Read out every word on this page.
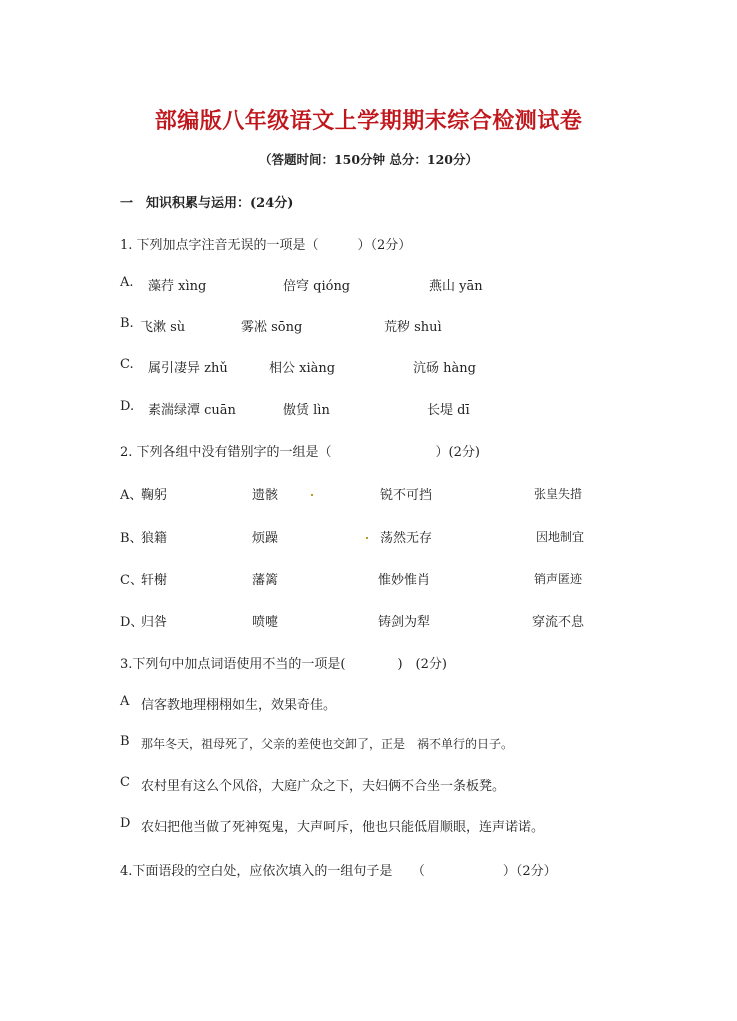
部编版八年级语文上学期期末综合检测试卷
（答题时间：150分钟 总分：120分）
一　知识积累与运用：(24分)
1. 下列加点字注音无误的一项是（　　　）（2分）
A. 藻荇 xìng	倍穹 qióng	燕山 yān
B. 飞漱 sù	雾凇 sōng	荒秽 shuì
C. 属引凄异 zhǔ	相公 xiàng	沆砀 hàng
D. 素湍绿潭 cuān	傲赁 lìn	长堤 dī
2. 下列各组中没有错别字的一组是（　　　　　　　　）(2分)
A、
鞠躬	遗骸	锐不可挡	张皇失措
B、
狼籍	烦躁	荡然无存	因地制宜
C、
轩榭	藩篱	惟妙惟肖	销声匿迹
D、
归咎	喷嚏	铸剑为犁	穿流不息
3.下列句中加点词语使用不当的一项是(　　　　)　(2分)
A 信客教地理栩栩如生，效果奇佳。
B 那年冬天，祖母死了，父亲的差使也交卸了，正是　祸不单行的日子。
C 农村里有这么个风俗，大庭广众之下，夫妇俩不合坐一条板凳。
D 农妇把他当做了死神冤鬼，大声呵斥，他也只能低眉顺眼，连声诺诺。
4.下面语段的空白处，应依次填入的一组句子是　　（　　　　　　）（2分）
